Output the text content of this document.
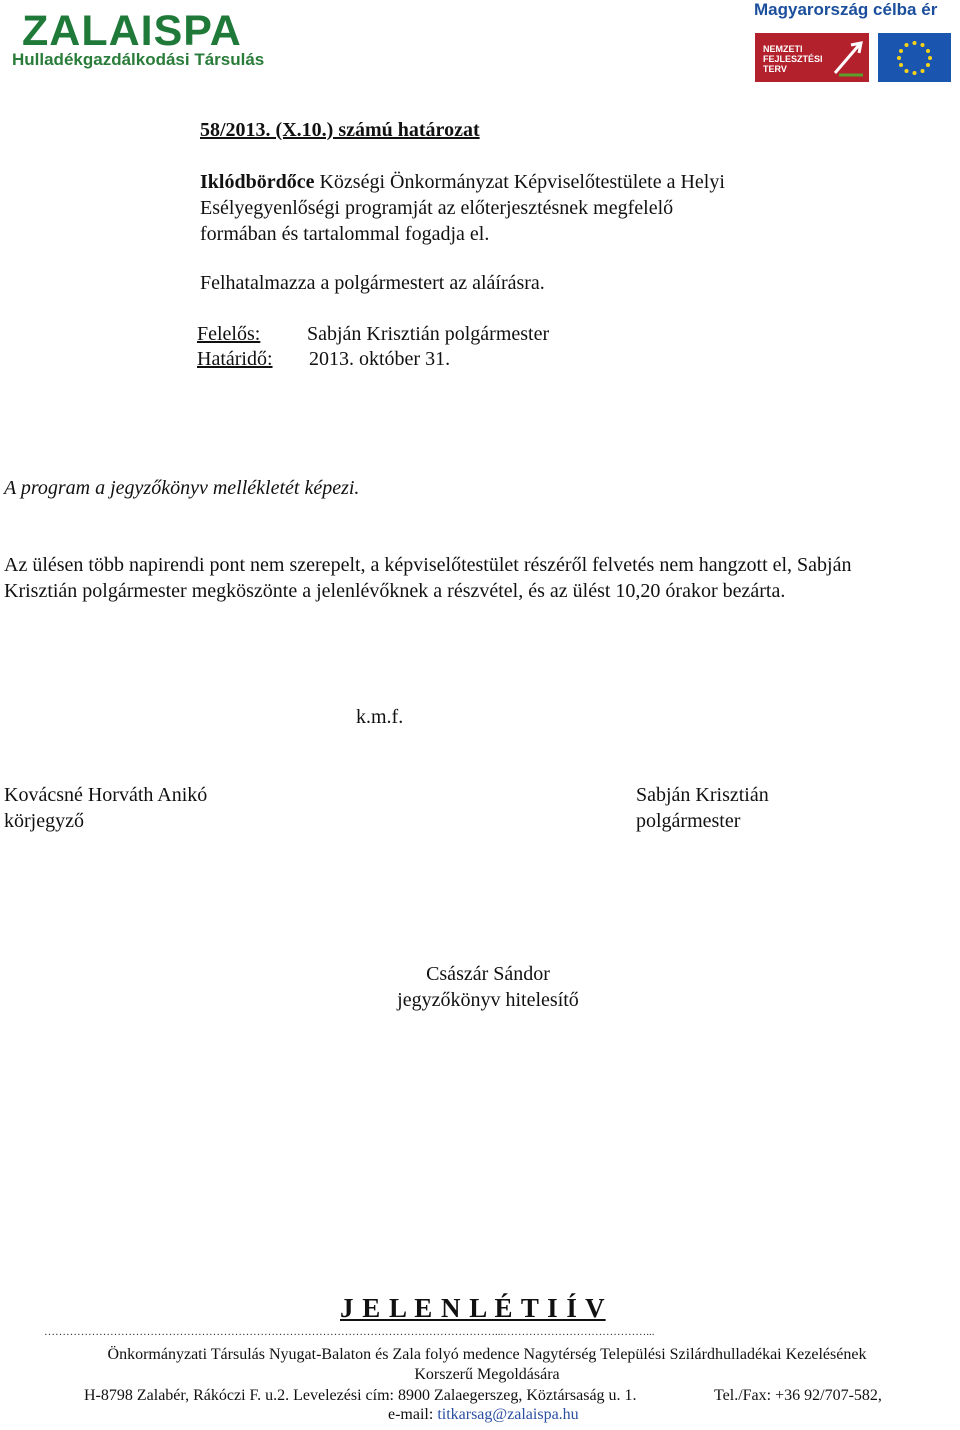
ZALAISPA
Hulladékgazdálkodási Társulás
Magyarország célba ér
NEMZETI
FEJLESZTÉSI
TERV
58/2013. (X.10.) számú határozat
Iklódbördőce Községi Önkormányzat Képviselőtestülete a Helyi
Esélyegyenlőségi programját az előterjesztésnek megfelelő
formában és tartalommal fogadja el.
Felhatalmazza a polgármestert az aláírásra.
Felelős: Sabján Krisztián polgármester
Határidő: 2013. október 31.
A program a jegyzőkönyv mellékletét képezi.
Az ülésen több napirendi pont nem szerepelt, a képviselőtestület részéről felvetés nem hangzott el, Sabján
Krisztián polgármester megköszönte a jelenlévőknek a részvétel, és az ülést 10,20 órakor bezárta.
k.m.f.
Kovácsné Horváth Anikó
körjegyző
Sabján Krisztián
polgármester
Császár Sándor
jegyzőkönyv hitelesítő
J E L E N L É T I Í V
……………………………………………………………………………………………………………...…………………………………...
Önkormányzati Társulás Nyugat-Balaton és Zala folyó medence Nagytérség Települési Szilárdhulladékai Kezelésének
Korszerű Megoldására
H-8798 Zalabér, Rákóczi F. u.2. Levelezési cím: 8900 Zalaegerszeg, Köztársaság u. 1.	Tel./Fax: +36 92/707-582,
e-mail: titkarsag@zalaispa.hu
